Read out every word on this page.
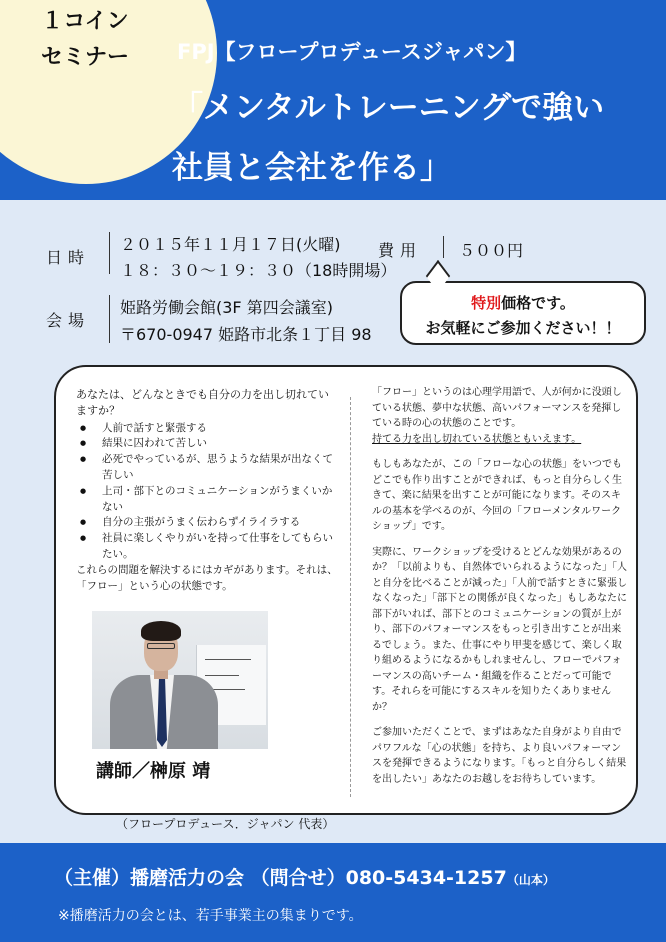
１コイン
セミナー	FPJ【フロープロデュースジャパン】
「メンタルトレーニングで強い
社員と会社を作る」
日時
２０１５年１１月１７日(火曜)
１８：３０～１９：３０（18時開場）
費用 ５００円
会場
姫路労働会館(3F 第四会議室)
〒670-0947 姫路市北条１丁目 98
特別価格です。
お気軽にご参加ください！！

あなたは、どんなときでも自分の力を出し切れていますか？

● 人前で話すと緊張する
● 結果に囚われて苦しい
● 必死でやっているが、思うような結果が出なくて苦しい
● 上司・部下とのコミュニケーションがうまくいかない
● 自分の主張がうまく伝わらずイライラする
● 社員に楽しくやりがいを持って仕事をしてもらいたい。

これらの問題を解決するにはカギがあります。それは、「フロー」という心の状態です。

講師／榊原 靖

「フロー」というのは心理学用語で、人が何かに没頭している状態、夢中な状態、高いパフォーマンスを発揮している時の心の状態のことです。
持てる力を出し切れている状態ともいえます。

もしもあなたが、この「フローな心の状態」をいつでもどこでも作り出すことができれば、もっと自分らしく生きて、楽に結果を出すことが可能になります。そのスキルの基本を学べるのが、今回の「フローメンタルワークショップ」です。

実際に、ワークショップを受けるとどんな効果があるのか？「以前よりも、自然体でいられるようになった」「人と自分を比べることが減った」「人前で話すときに緊張しなくなった」「部下との関係が良くなった」もしあなたに部下がいれば、部下とのコミュニケーションの質が上がり、部下のパフォーマンスをもっと引き出すことが出来るでしょう。また、仕事にやり甲斐を感じて、楽しく取り組めるようになるかもしれませんし、フローでパフォーマンスの高いチーム・組織を作ることだって可能です。それらを可能にするスキルを知りたくありませんか？

ご参加いただくことで、まずはあなた自身がより自由でパワフルな「心の状態」を持ち、より良いパフォーマンスを発揮できるようになります。「もっと自分らしく結果を出したい」あなたのお越しをお待ちしています。

（フロープロデュース．ジャパン 代表）
（主催）播磨活力の会 （問合せ）080-5434-1257（山本）
※播磨活力の会とは、若手事業主の集まりです。
